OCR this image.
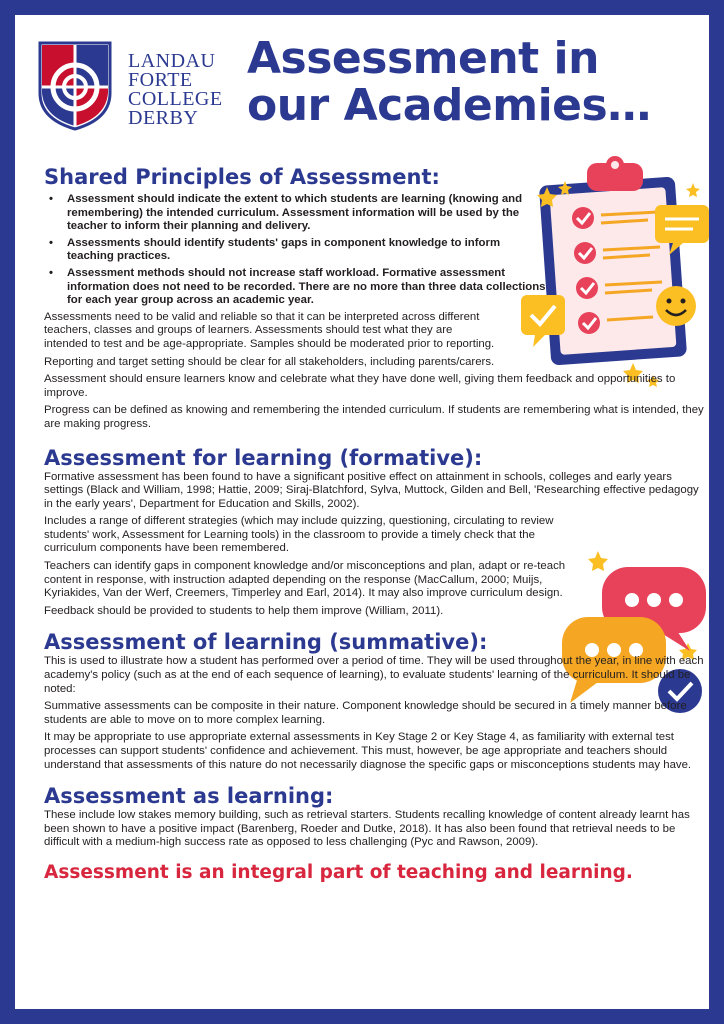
LANDAU
FORTE
COLLEGE
DERBY
Assessment in
our Academies…
Shared Principles of Assessment:
• Assessment should indicate the extent to which students are learning (knowing and remembering) the intended curriculum. Assessment information will be used by the teacher to inform their planning and delivery.
• Assessments should identify students' gaps in component knowledge to inform teaching practices.
• Assessment methods should not increase staff workload. Formative assessment information does not need to be recorded. There are no more than three data collections for each year group across an academic year.

Assessments need to be valid and reliable so that it can be interpreted across different teachers, classes and groups of learners. Assessments should test what they are intended to test and be age-appropriate. Samples should be moderated prior to reporting.

Reporting and target setting should be clear for all stakeholders, including parents/carers.

Assessment should ensure learners know and celebrate what they have done well, giving them feedback and opportunities to improve.

Progress can be defined as knowing and remembering the intended curriculum. If students are remembering what is intended, they are making progress.

Assessment for learning (formative):

Formative assessment has been found to have a significant positive effect on attainment in schools, colleges and early years settings (Black and William, 1998; Hattie, 2009; Siraj-Blatchford, Sylva, Muttock, Gilden and Bell, 'Researching effective pedagogy in the early years', Department for Education and Skills, 2002).

Includes a range of different strategies (which may include quizzing, questioning, circulating to review students' work, Assessment for Learning tools) in the classroom to provide a timely check that the curriculum components have been remembered.

Teachers can identify gaps in component knowledge and/or misconceptions and plan, adapt or re-teach content in response, with instruction adapted depending on the response (MacCallum, 2000; Muijs, Kyriakides, Van der Werf, Creemers, Timperley and Earl, 2014). It may also improve curriculum design.

Feedback should be provided to students to help them improve (William, 2011).

Assessment of learning (summative):

This is used to illustrate how a student has performed over a period of time. They will be used throughout the year, in line with each academy's policy (such as at the end of each sequence of learning), to evaluate students' learning of the curriculum. It should be noted:

Summative assessments can be composite in their nature. Component knowledge should be secured in a timely manner before students are able to move on to more complex learning.

It may be appropriate to use appropriate external assessments in Key Stage 2 or Key Stage 4, as familiarity with external test processes can support students' confidence and achievement. This must, however, be age appropriate and teachers should understand that assessments of this nature do not necessarily diagnose the specific gaps or misconceptions students may have.

Assessment as learning:

These include low stakes memory building, such as retrieval starters. Students recalling knowledge of content already learnt has been shown to have a positive impact (Barenberg, Roeder and Dutke, 2018). It has also been found that retrieval needs to be difficult with a medium-high success rate as opposed to less challenging (Pyc and Rawson, 2009).

Assessment is an integral part of teaching and learning.
